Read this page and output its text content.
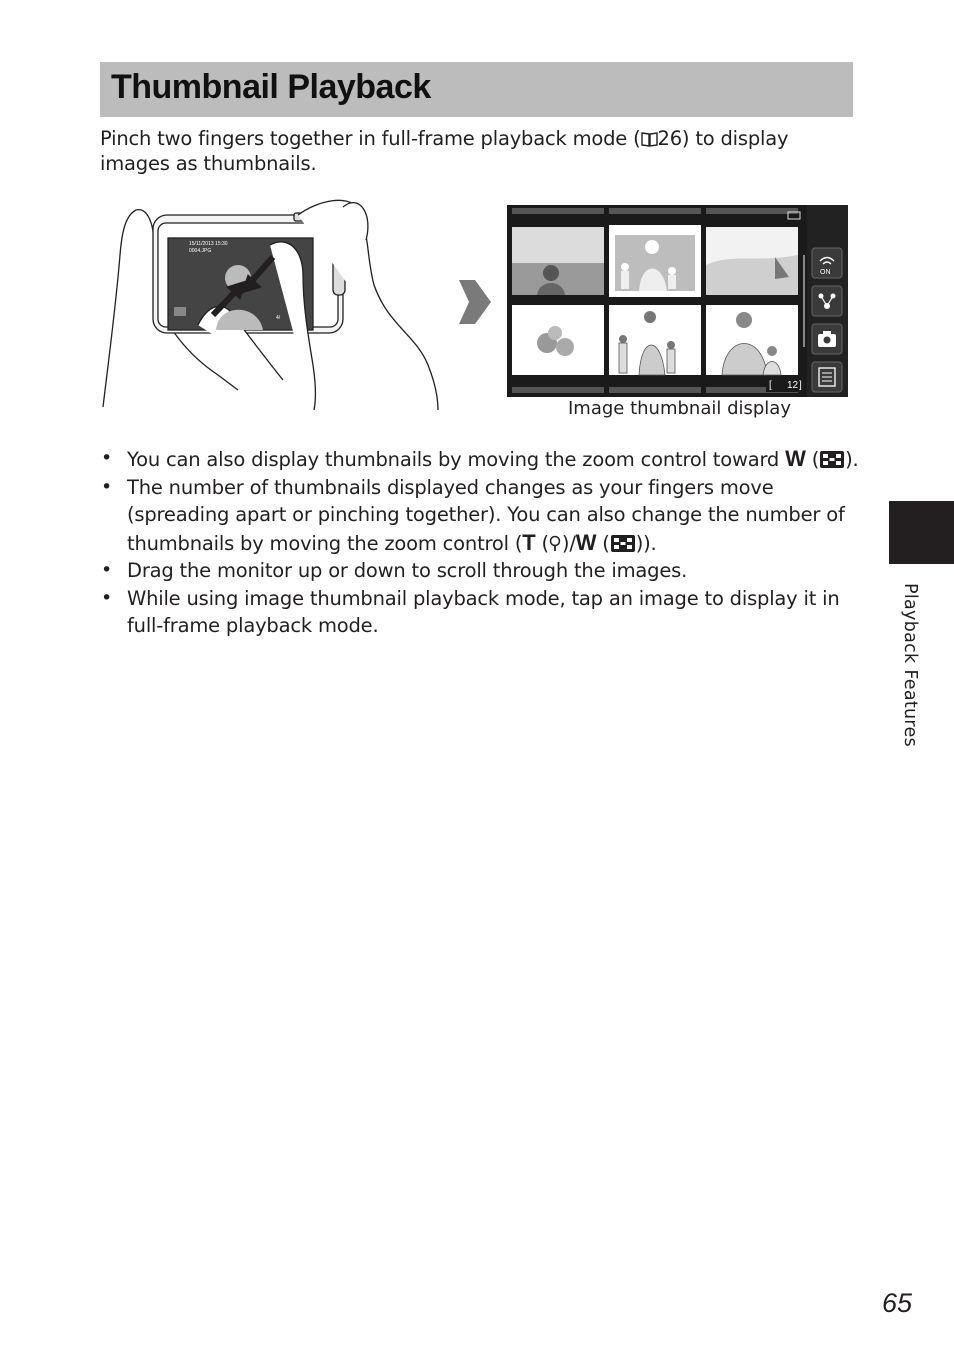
Thumbnail Playback

Pinch two fingers together in full-frame playback mode ( 26) to display images as thumbnails.

15/11/2013 15:30
0004.JPG
4/
[ 12 ]
ON

Image thumbnail display

• You can also display thumbnails by moving the zoom control toward W ( ).
• The number of thumbnails displayed changes as your fingers move (spreading apart or pinching together). You can also change the number of thumbnails by moving the zoom control (T ( )/W ( )).
• Drag the monitor up or down to scroll through the images.
• While using image thumbnail playback mode, tap an image to display it in full-frame playback mode.	Playback Features

65
